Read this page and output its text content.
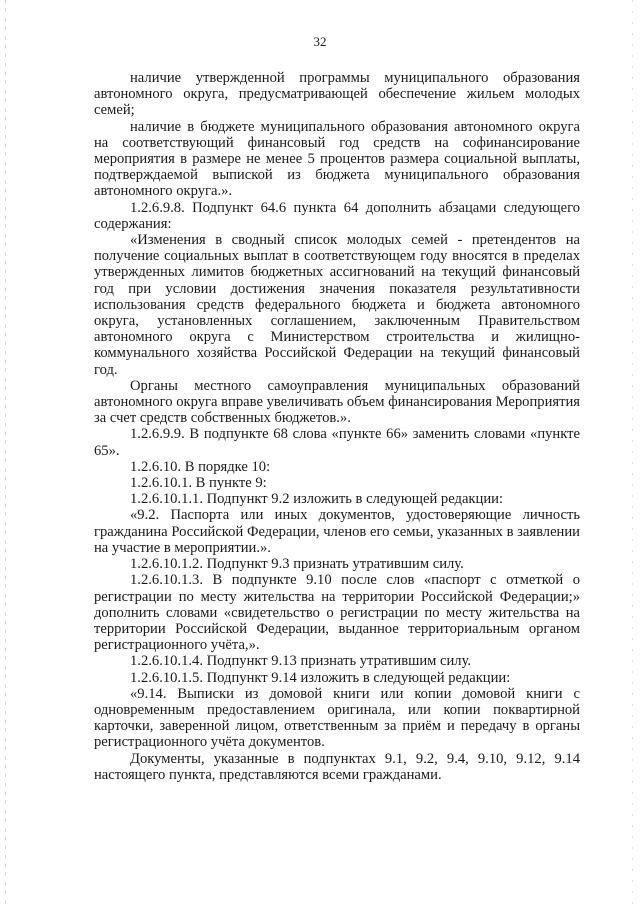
32

наличие утвержденной программы муниципального образования автономного округа, предусматривающей обеспечение жильем молодых семей;

наличие в бюджете муниципального образования автономного округа на соответствующий финансовый год средств на софинансирование мероприятия в размере не менее 5 процентов размера социальной выплаты, подтверждаемой выпиской из бюджета муниципального образования автономного округа.».

1.2.6.9.8. Подпункт 64.6 пункта 64 дополнить абзацами следующего содержания:

«Изменения в сводный список молодых семей - претендентов на получение социальных выплат в соответствующем году вносятся в пределах утвержденных лимитов бюджетных ассигнований на текущий финансовый год при условии достижения значения показателя результативности использования средств федерального бюджета и бюджета автономного округа, установленных соглашением, заключенным Правительством автономного округа с Министерством строительства и жилищно-коммунального хозяйства Российской Федерации на текущий финансовый год.

Органы местного самоуправления муниципальных образований автономного округа вправе увеличивать объем финансирования Мероприятия за счет средств собственных бюджетов.».

1.2.6.9.9. В подпункте 68 слова «пункте 66» заменить словами «пункте 65».

1.2.6.10. В порядке 10:

1.2.6.10.1. В пункте 9:

1.2.6.10.1.1. Подпункт 9.2 изложить в следующей редакции:

«9.2. Паспорта или иных документов, удостоверяющие личность гражданина Российской Федерации, членов его семьи, указанных в заявлении на участие в мероприятии.».

1.2.6.10.1.2. Подпункт 9.3 признать утратившим силу.

1.2.6.10.1.3. В подпункте 9.10 после слов «паспорт с отметкой о регистрации по месту жительства на территории Российской Федерации;» дополнить словами «свидетельство о регистрации по месту жительства на территории Российской Федерации, выданное территориальным органом регистрационного учёта,».

1.2.6.10.1.4. Подпункт 9.13 признать утратившим силу.

1.2.6.10.1.5. Подпункт 9.14 изложить в следующей редакции:

«9.14. Выписки из домовой книги или копии домовой книги с одновременным предоставлением оригинала, или копии поквартирной карточки, заверенной лицом, ответственным за приём и передачу в органы регистрационного учёта документов.

Документы, указанные в подпунктах 9.1, 9.2, 9.4, 9.10, 9.12, 9.14 настоящего пункта, представляются всеми гражданами.
